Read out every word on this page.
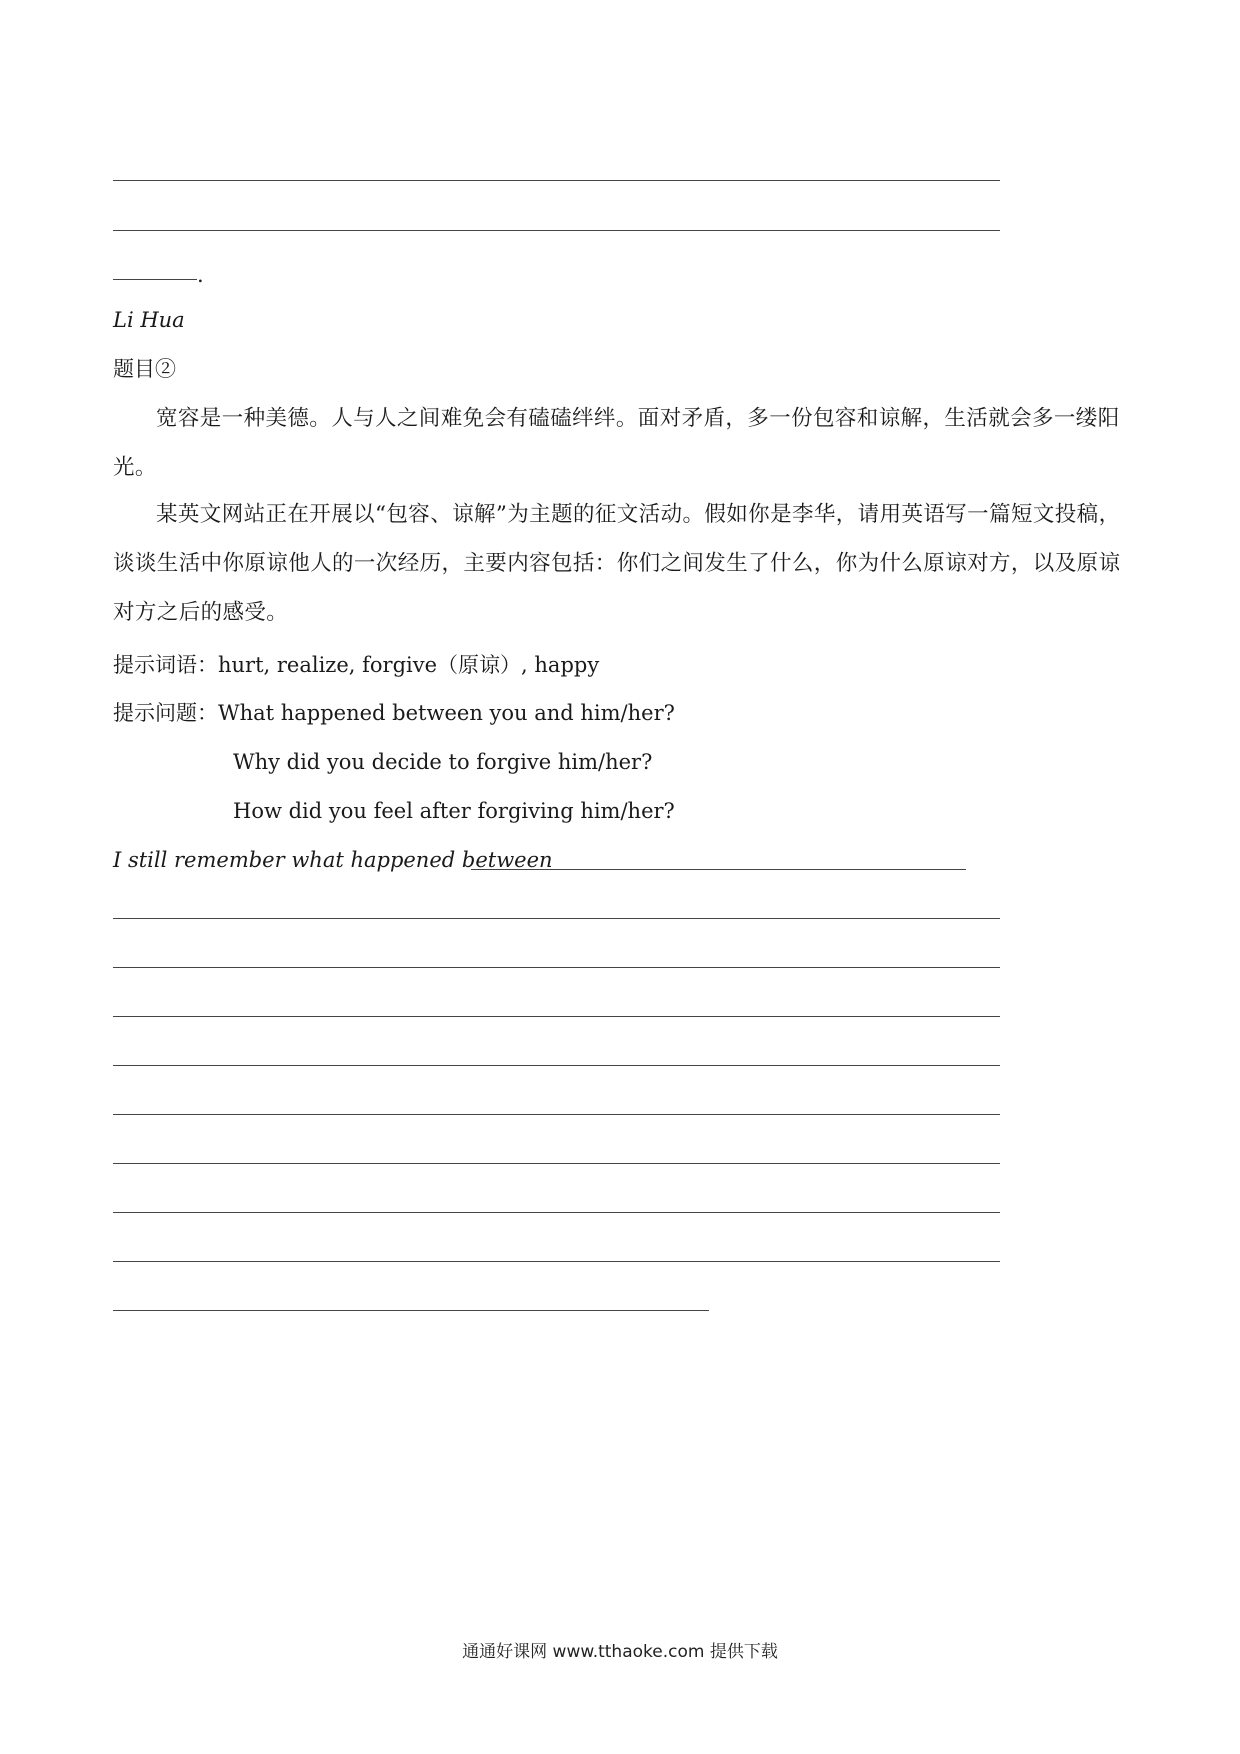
.
Li Hua
题目②
宽容是一种美德。人与人之间难免会有磕磕绊绊。面对矛盾，多一份包容和谅解，生活就会多一缕阳光。
某英文网站正在开展以“包容、谅解”为主题的征文活动。假如你是李华，请用英语写一篇短文投稿，谈谈生活中你原谅他人的一次经历，主要内容包括：你们之间发生了什么，你为什么原谅对方，以及原谅对方之后的感受。
提示词语：hurt, realize, forgive（原谅）, happy
提示问题：What happened between you and him/her?
Why did you decide to forgive him/her?
How did you feel after forgiving him/her?
I still remember what happened between
通通好课网 www.tthaoke.com 提供下载
